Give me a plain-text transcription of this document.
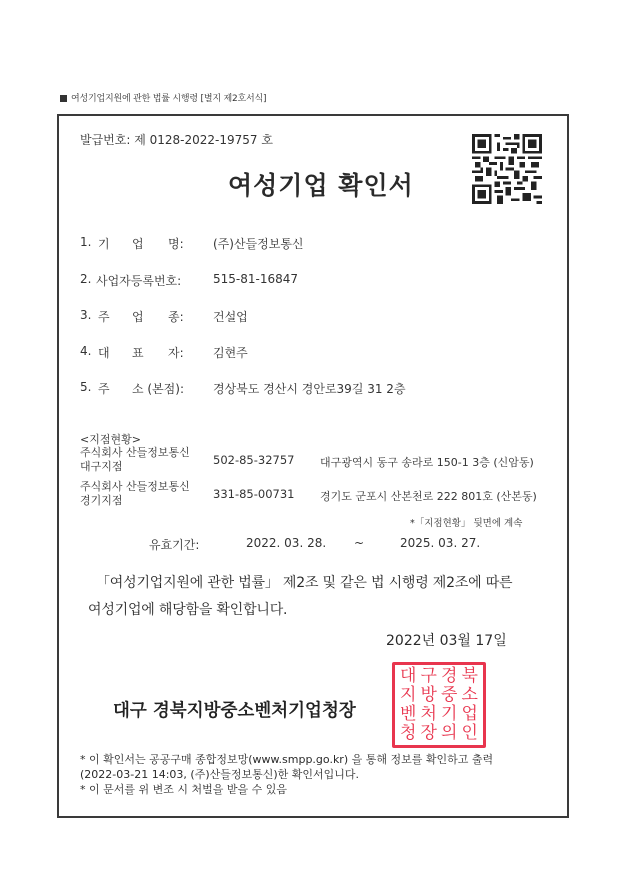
여성기업지원에 관한 법률 시행령 [별지 제2호서식]
발급번호: 제 0128-2022-19757 호
여성기업 확인서
1. 기 업 명: (주)산들정보통신
2. 사업자등록번호:	515-81-16847
3. 주 업 종: 건설업
4. 대 표 자: 김현주
5. 주 소 (본점): 경상북도 경산시 경안로39길 31 2층
<지점현황>
주식회사 산들정보통신
대구지점	502-85-32757 대구광역시 동구 송라로 150-1 3층 (신암동)
주식회사 산들정보통신
경기지점	331-85-00731 경기도 군포시 산본천로 222 801호 (산본동)
*「지점현황」 뒷면에 계속
유효기간:	2022. 03. 28. ~	2025. 03. 27.
「여성기업지원에 관한 법률」 제2조 및 같은 법 시행령 제2조에 따른
여성기업에 해당함을 확인합니다.
2022년 03월 17일
대구 경북지방중소벤처기업청장
대 구 경 북
지 방 중 소
벤 처 기 업
청 장 의 인
* 이 확인서는 공공구매 종합정보망(www.smpp.go.kr) 을 통해 정보를 확인하고 출력
(2022-03-21 14:03, (주)산들정보통신)한 확인서입니다.
* 이 문서를 위 변조 시 처벌을 받을 수 있음
